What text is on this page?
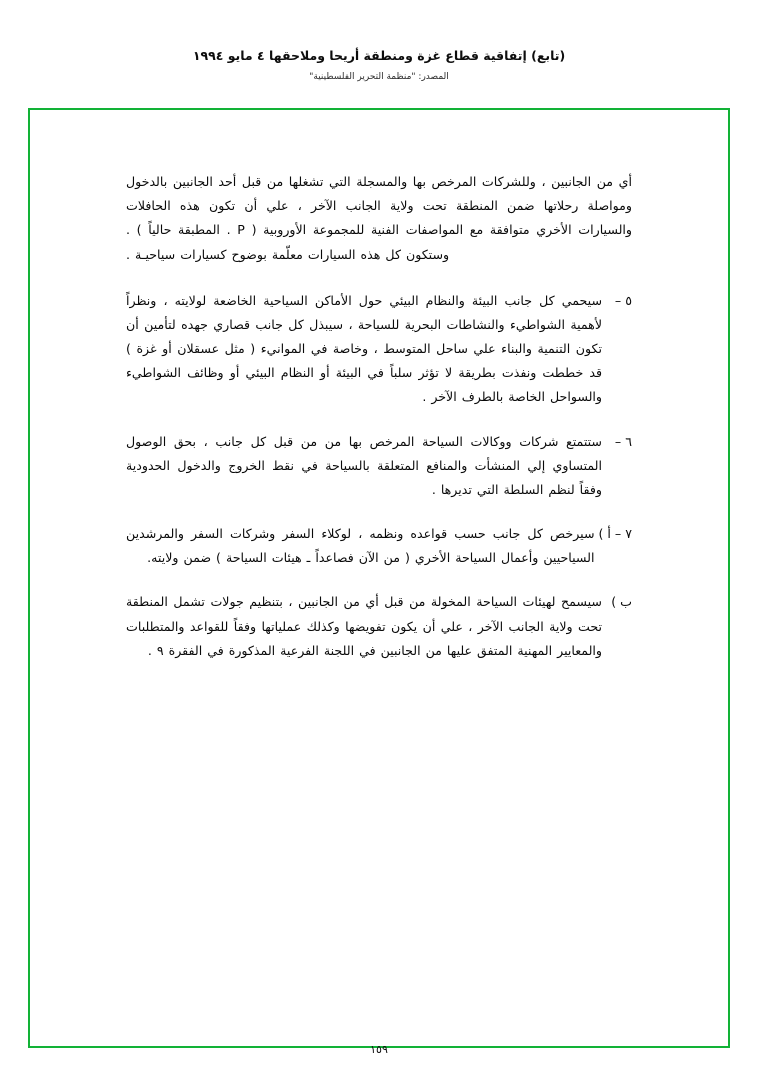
(تابع) إتفاقية قطاع غزة ومنطقة أريحا وملاحقها ٤ مايو ١٩٩٤
المصدر: "منظمة التحرير الفلسطينية"
أي من الجانبين ، وللشركات المرخص بها والمسجلة التي تشغلها من قبل أحد الجانبين بالدخول ومواصلة رحلاتها ضمن المنطقة تحت ولاية الجانب الآخر ، علي أن تكون هذه الحافلات والسيارات الأخري متوافقة مع المواصفات الفنية للمجموعة الأوروبية ( P . المطبقة حالياً ) . وستكون كل هذه السيارات معلّمة بوضوح كسيارات سياحيـة .
٥ –
سيحمي كل جانب البيئة والنظام البيئي حول الأماكن السياحية الخاضعة لولايته ، ونظراً لأهمية الشواطيء والنشاطات البحرية للسياحة ، سيبذل كل جانب قصاري جهده لتأمين أن تكون التنمية والبناء علي ساحل المتوسط ، وخاصة في الموانيء ( مثل عسقلان أو غزة ) قد خططت ونفذت بطريقة لا تؤثر سلباً في البيئة أو النظام البيئي أو وظائف الشواطيء والسواحل الخاصة بالطرف الآخر .
٦ –
ستتمتع شركات ووكالات السياحة المرخص بها من من قبل كل جانب ، بحق الوصول المتساوي إلي المنشأت والمنافع المتعلقة بالسياحة في نقط الخروج والدخول الحدودية وفقاً لنظم السلطة التي تديرها .
٧ – أ )
سيرخص كل جانب حسب قواعده ونظمه ، لوكلاء السفر وشركات السفر والمرشدين السياحيين وأعمال السياحة الأخري ( من الآن فصاعداً ـ هيئات السياحة ) ضمن ولايته.
ب )
سيسمح لهيئات السياحة المخولة من قبل أي من الجانبين ، بتنظيم جولات تشمل المنطقة تحت ولاية الجانب الآخر ، علي أن يكون تفويضها وكذلك عملياتها وفقاً للقواعد والمتطلبات والمعايير المهنية المتفق عليها من الجانبين في اللجنة الفرعية المذكورة في الفقرة ٩ .
١٥٩
